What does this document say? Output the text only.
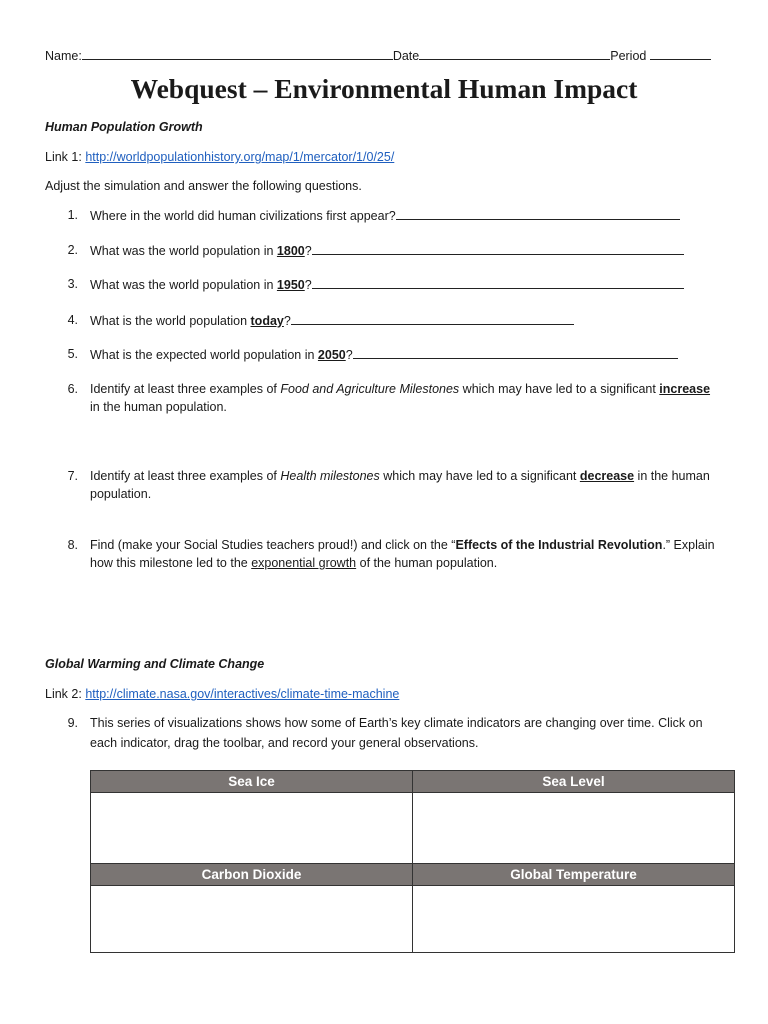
Name:	Date	Period
Webquest – Environmental Human Impact
Human Population Growth
Link 1: http://worldpopulationhistory.org/map/1/mercator/1/0/25/
Adjust the simulation and answer the following questions.
1. Where in the world did human civilizations first appear?
2. What was the world population in 1800?
3. What was the world population in 1950?
4. What is the world population today?
5. What is the expected world population in 2050?
6. Identify at least three examples of Food and Agriculture Milestones which may have led to a significant increase
in the human population.
7. Identify at least three examples of Health milestones which may have led to a significant decrease in the human
population.
8. Find (make your Social Studies teachers proud!) and click on the “Effects of the Industrial Revolution.” Explain
how this milestone led to the exponential growth of the human population.
Global Warming and Climate Change
Link 2: http://climate.nasa.gov/interactives/climate-time-machine
9. This series of visualizations shows how some of Earth’s key climate indicators are changing over time. Click on
each indicator, drag the toolbar, and record your general observations.
Sea Ice	Sea Level

Carbon Dioxide	Global Temperature
